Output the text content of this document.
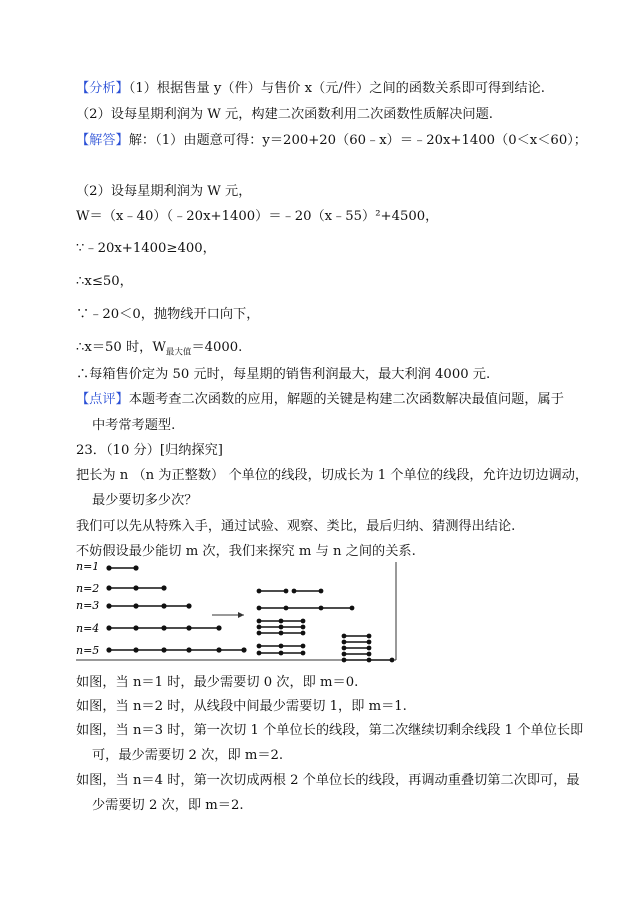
【分析】（1）根据售量 y（件）与售价 x（元/件）之间的函数关系即可得到结论.
（2）设每星期利润为 W 元，构建二次函数利用二次函数性质解决问题.
【解答】解：（1）由题意可得：y＝200+20（60﹣x）＝﹣20x+1400（0＜x＜60）；
（2）设每星期利润为 W 元，
W＝（x﹣40）（﹣20x+1400）＝﹣20（x﹣55）²+4500，
∵﹣20x+1400≥400，
∴x≤50，
∵﹣20＜0，抛物线开口向下，
∴x＝50 时，$W_{最大值}=4000$.
∴每箱售价定为 50 元时，每星期的销售利润最大，最大利润 4000 元.
【点评】本题考查二次函数的应用，解题的关键是构建二次函数解决最值问题，属于
中考常考题型.
23．（10 分）[归纳探究]
把长为 n （n 为正整数） 个单位的线段，切成长为 1 个单位的线段，允许边切边调动，
最少要切多少次？
我们可以先从特殊入手，通过试验、观察、类比，最后归纳、猜测得出结论.
不妨假设最少能切 m 次，我们来探究 m 与 n 之间的关系.
n=1
n=2
n=3
n=4
n=5
如图，当 n＝1 时，最少需要切 0 次，即 m＝0.
如图，当 n＝2 时，从线段中间最少需要切 1，即 m＝1.
如图，当 n＝3 时，第一次切 1 个单位长的线段，第二次继续切剩余线段 1 个单位长即
可，最少需要切 2 次，即 m＝2.
如图，当 n＝4 时，第一次切成两根 2 个单位长的线段，再调动重叠切第二次即可，最
少需要切 2 次，即 m＝2.
